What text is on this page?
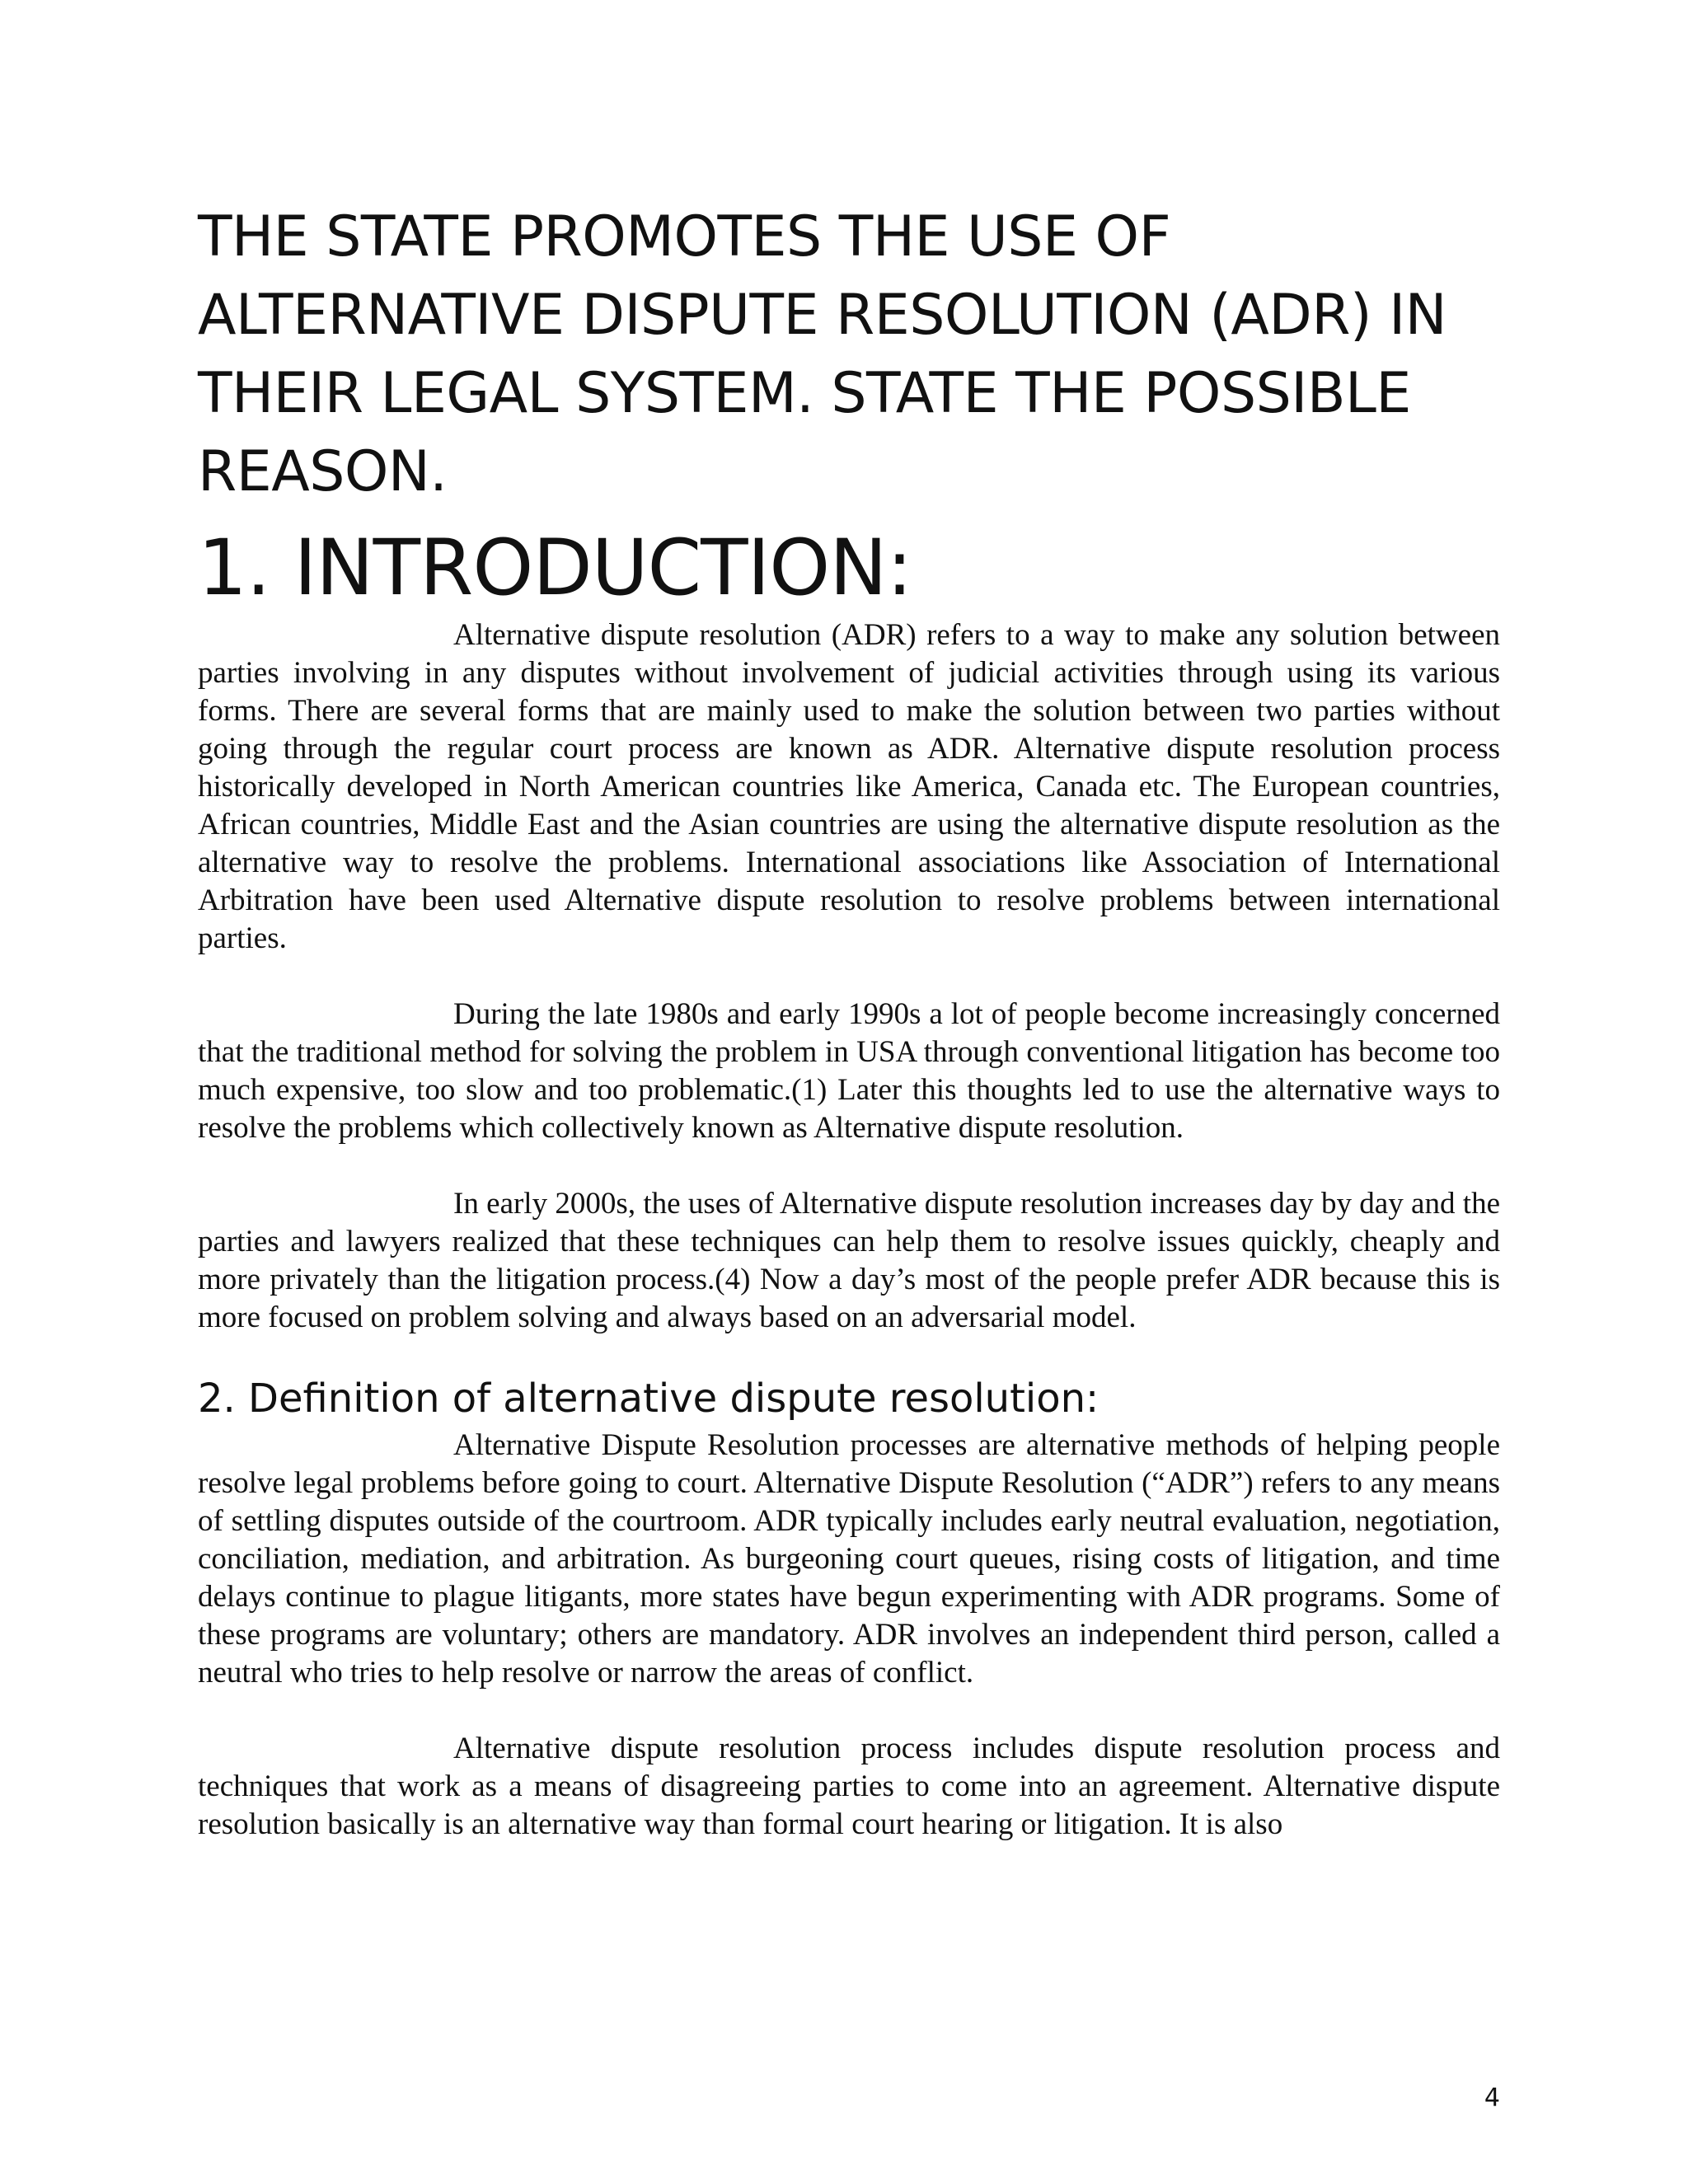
THE STATE PROMOTES THE USE OF ALTERNATIVE DISPUTE RESOLUTION (ADR) IN THEIR LEGAL SYSTEM. STATE THE POSSIBLE REASON.
1. INTRODUCTION:

Alternative dispute resolution (ADR) refers to a way to make any solution between parties involving in any disputes without involvement of judicial activities through using its various forms. There are several forms that are mainly used to make the solution between two parties without going through the regular court process are known as ADR. Alternative dispute resolution process historically developed in North American countries like America, Canada etc. The European countries, African countries, Middle East and the Asian countries are using the alternative dispute resolution as the alternative way to resolve the problems. International associations like Association of International Arbitration have been used Alternative dispute resolution to resolve problems between international parties.

During the late 1980s and early 1990s a lot of people become increasingly concerned that the traditional method for solving the problem in USA through conventional litigation has become too much expensive, too slow and too problematic.(1) Later this thoughts led to use the alternative ways to resolve the problems which collectively known as Alternative dispute resolution.

In early 2000s, the uses of Alternative dispute resolution increases day by day and the parties and lawyers realized that these techniques can help them to resolve issues quickly, cheaply and more privately than the litigation process.(4) Now a day’s most of the people prefer ADR because this is more focused on problem solving and always based on an adversarial model.

2. Definition of alternative dispute resolution:

Alternative Dispute Resolution processes are alternative methods of helping people resolve legal problems before going to court. Alternative Dispute Resolution (“ADR”) refers to any means of settling disputes outside of the courtroom. ADR typically includes early neutral evaluation, negotiation, conciliation, mediation, and arbitration. As burgeoning court queues, rising costs of litigation, and time delays continue to plague litigants, more states have begun experimenting with ADR programs. Some of these programs are voluntary; others are mandatory. ADR involves an independent third person, called a neutral who tries to help resolve or narrow the areas of conflict.

Alternative dispute resolution process includes dispute resolution process and techniques that work as a means of disagreeing parties to come into an agreement. Alternative dispute resolution basically is an alternative way than formal court hearing or litigation. It is also

4
